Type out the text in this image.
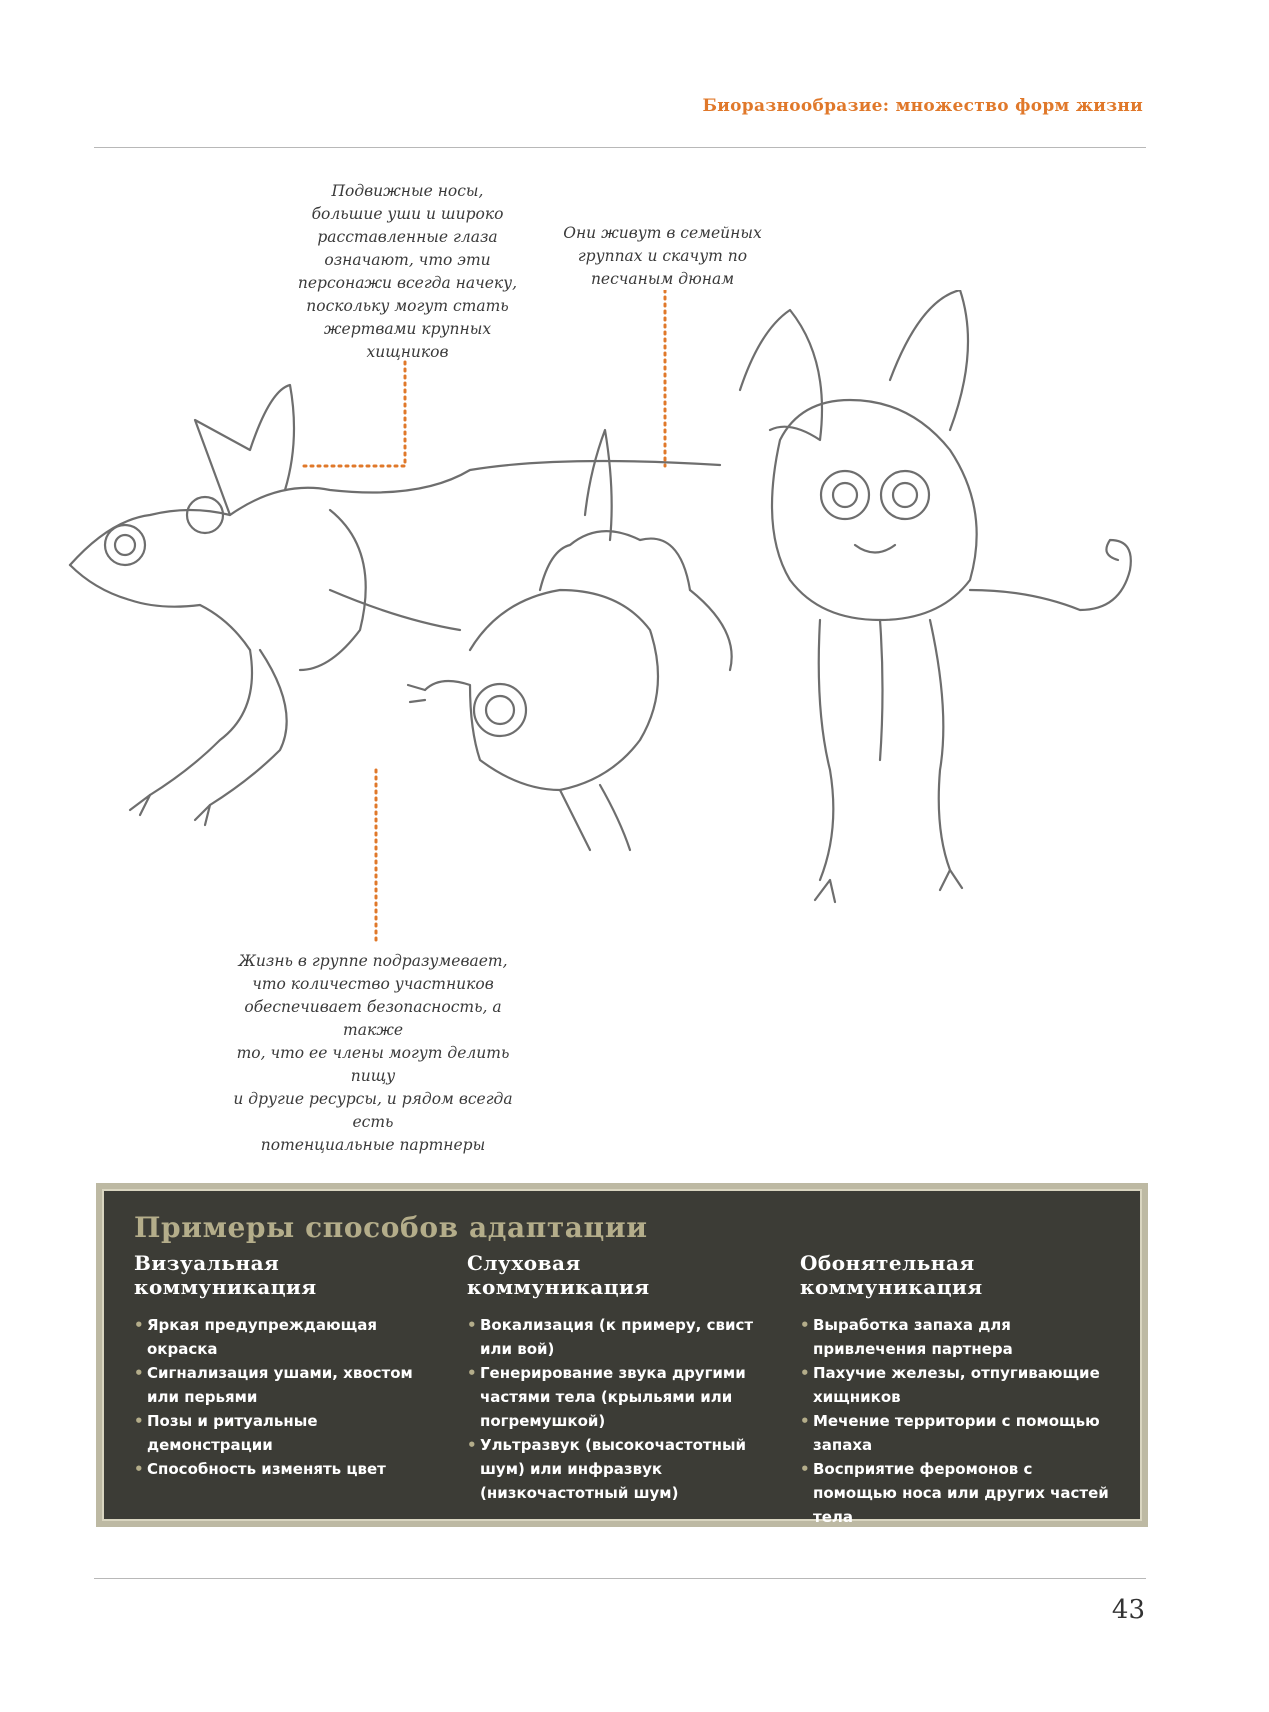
Биоразнообразие: множество форм жизни

Подвижные носы,

большие уши и широко

расставленные глаза

означают, что эти

персонажи всегда начеку,

поскольку могут стать

жертвами крупных

хищников

Они живут в семейных

группах и скачут по

песчаным дюнам

Жизнь в группе подразумевает,

что количество участников

обеспечивает безопасность, а также

то, что ее члены могут делить пищу

и другие ресурсы, и рядом всегда есть

потенциальные партнеры

Примеры способов адаптации
Визуальная
коммуникация
• Яркая предупреждающая окраска
• Сигнализация ушами, хвостом или перьями
• Позы и ритуальные демонстрации
• Способность изменять цвет
Слуховая
коммуникация
• Вокализация (к примеру, свист или вой)
• Генерирование звука другими частями тела (крыльями или погремушкой)
• Ультразвук (высокочастотный шум) или инфразвук (низкочастотный шум)
Обонятельная
коммуникация
• Выработка запаха для привлечения партнера
• Пахучие железы, отпугивающие хищников
• Мечение территории с помощью запаха
• Восприятие феромонов с помощью носа или других частей тела
43
